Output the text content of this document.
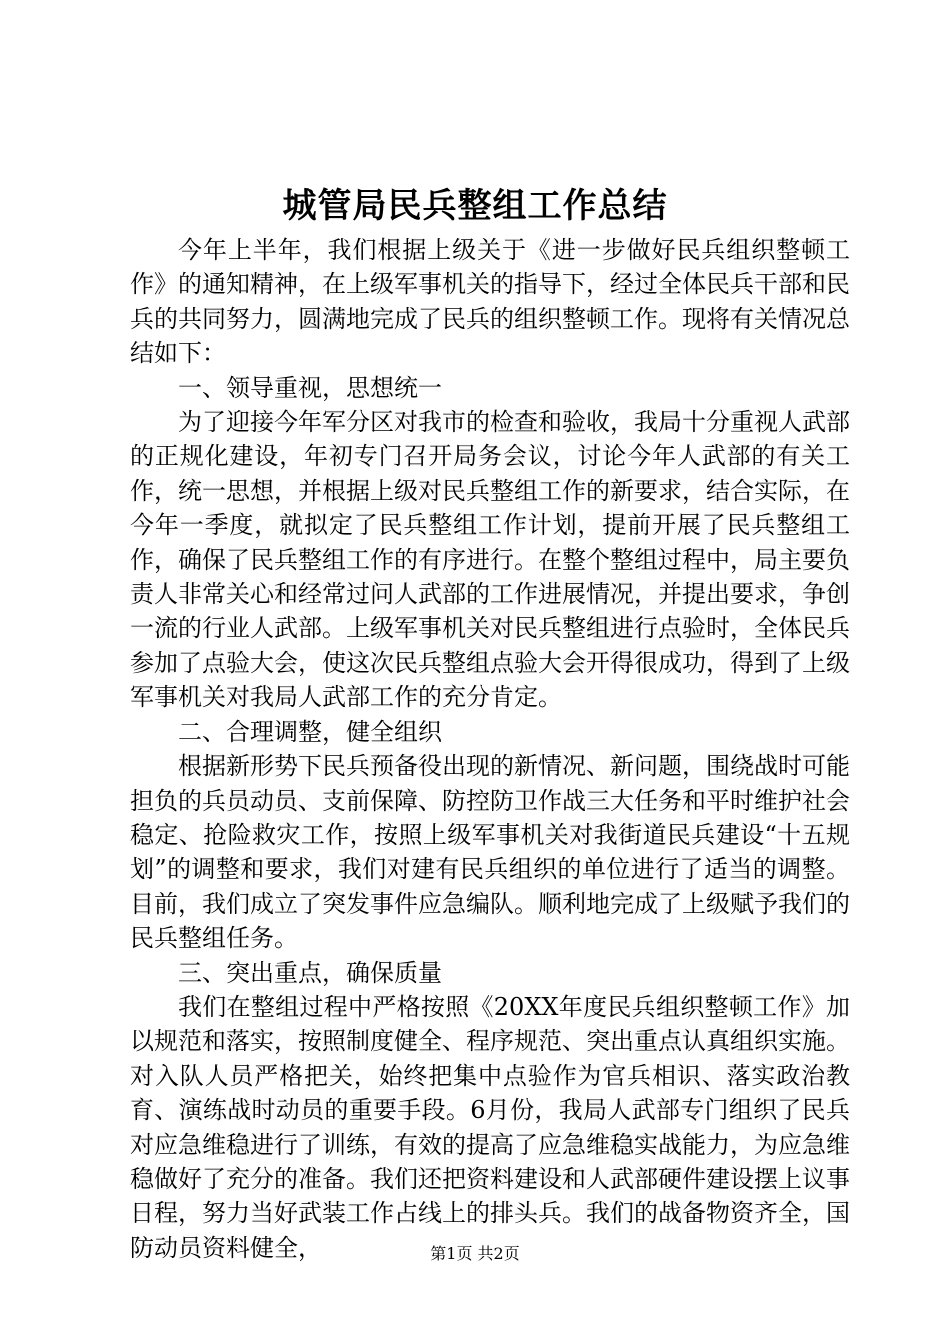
城管局民兵整组工作总结

今年上半年，我们根据上级关于《进一步做好民兵组织整顿工作》的通知精神，在上级军事机关的指导下，经过全体民兵干部和民兵的共同努力，圆满地完成了民兵的组织整顿工作。现将有关情况总结如下：

一、领导重视，思想统一

为了迎接今年军分区对我市的检查和验收，我局十分重视人武部的正规化建设，年初专门召开局务会议，讨论今年人武部的有关工作，统一思想，并根据上级对民兵整组工作的新要求，结合实际，在今年一季度，就拟定了民兵整组工作计划，提前开展了民兵整组工作，确保了民兵整组工作的有序进行。在整个整组过程中，局主要负责人非常关心和经常过问人武部的工作进展情况，并提出要求，争创一流的行业人武部。上级军事机关对民兵整组进行点验时，全体民兵参加了点验大会，使这次民兵整组点验大会开得很成功，得到了上级军事机关对我局人武部工作的充分肯定。

二、合理调整，健全组织

根据新形势下民兵预备役出现的新情况、新问题，围绕战时可能担负的兵员动员、支前保障、防控防卫作战三大任务和平时维护社会稳定、抢险救灾工作，按照上级军事机关对我街道民兵建设“十五规划”的调整和要求，我们对建有民兵组织的单位进行了适当的调整。目前，我们成立了突发事件应急编队。顺利地完成了上级赋予我们的民兵整组任务。

三、突出重点，确保质量

我们在整组过程中严格按照《20XX年度民兵组织整顿工作》加以规范和落实，按照制度健全、程序规范、突出重点认真组织实施。对入队人员严格把关，始终把集中点验作为官兵相识、落实政治教育、演练战时动员的重要手段。6月份，我局人武部专门组织了民兵对应急维稳进行了训练，有效的提高了应急维稳实战能力，为应急维稳做好了充分的准备。我们还把资料建设和人武部硬件建设摆上议事日程，努力当好武装工作占线上的排头兵。我们的战备物资齐全，国防动员资料健全，	第1页 共2页
